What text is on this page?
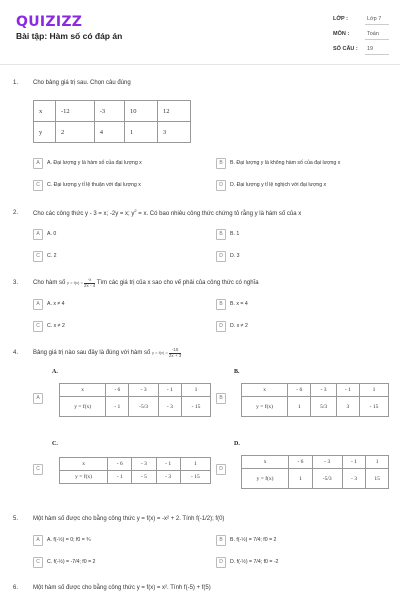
QUIZIZZ
Bài tập: Hàm số có đáp án
LỚP :	Lớp 7
MÔN :	Toán
SỐ CÂU : 19
1. Cho bảng giá trị sau. Chọn câu đúng
x	-12	-3	10	12
y	2	4	1	3
A	A. Đại lượng y là hàm số của đại lượng x	B	B. Đại lượng y là không hàm số của đại lượng x
C	C. Đại lượng y tỉ lệ thuận với đại lượng x	D	D. Đại lượng y tỉ lệ nghịch với đại lượng x
2. Cho các công thức y - 3 = x; -2y = x; $y^2 = x$. Có bao nhiêu công thức chứng tỏ rằng y là hàm số của x
A	A. 0	B	B. 1
C	C. 2	D	D. 3
3. Cho hàm số $y = f(x) = \frac{-x}{2x - 4}$ Tìm các giá trị của x sao cho vế phải của công thức có nghĩa
A	A. x ≠ 4	B	B. x = 4
C	C. x ≠ 2	D	D. x ≠ 2
4. Bảng giá trị nào sau đây là đúng với hàm số $y = f(x) = \frac{-15}{2x + 3}$
A.
A
x	- 6	- 3	- 1	1
y = f(x)	- 1	-5/3	- 3	- 15
B.
B
x	- 6	- 3	- 1	1
y = f(x)	1	5/3	3	- 15
C.
C
x	- 6	- 3	- 1	1
y = f(x)	- 1	- 5	- 3	- 15
D.
D
x	- 6	- 3	- 1	1
y = f(x)	1	-5/3	- 3	15
5. Một hàm số được cho bằng công thức y = f(x) = -x² + 2. Tính f(-1/2); f(0)
A	A. f(-½) = 0; f0 = ¾	B	B. f(-½) = 7/4; f0 = 2
C	C. f(-½) = -7/4; f0 = 2	D	D. f(-½) = 7/4; f0 = -2
6. Một hàm số được cho bằng công thức y = f(x) = x². Tính f(-5) + f(5)
